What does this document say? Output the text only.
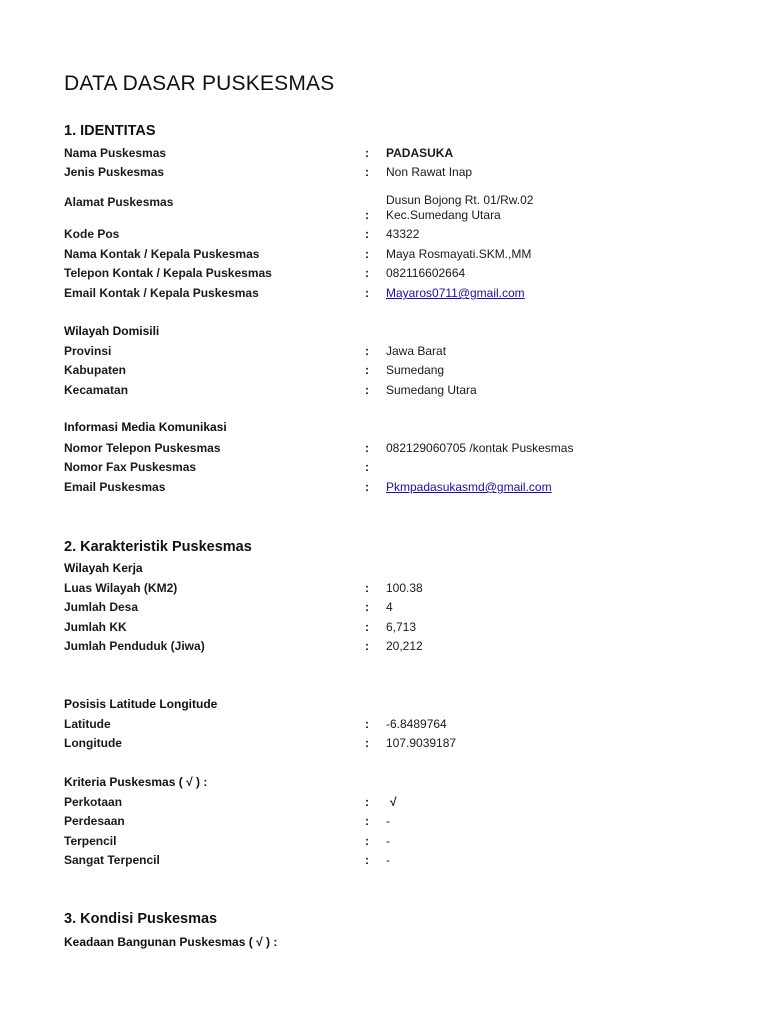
DATA DASAR PUSKESMAS
1. IDENTITAS
Nama Puskesmas	: PADASUKA
Jenis Puskesmas	: Non Rawat Inap
Alamat Puskesmas	Dusun Bojong Rt. 01/Rw.02
: Kec.Sumedang Utara
Kode Pos	: 43322
Nama Kontak / Kepala Puskesmas	: Maya Rosmayati.SKM.,MM
Telepon Kontak / Kepala Puskesmas	: 082116602664
Email Kontak / Kepala Puskesmas	: Mayaros0711@gmail.com
Wilayah Domisili
Provinsi	: Jawa Barat
Kabupaten	: Sumedang
Kecamatan	: Sumedang Utara
Informasi Media Komunikasi
Nomor Telepon Puskesmas	: 082129060705 /kontak Puskesmas
Nomor Fax Puskesmas	:
Email Puskesmas	: Pkmpadasukasmd@gmail.com
2. Karakteristik Puskesmas
Wilayah Kerja
Luas Wilayah (KM2)	: 100.38
Jumlah Desa	: 4
Jumlah KK	: 6,713
Jumlah Penduduk (Jiwa)	: 20,212
Posisis Latitude Longitude
Latitude	: -6.8489764
Longitude	: 107.9039187
Kriteria Puskesmas ( √ ) :
Perkotaan	: √
Perdesaan	: -
Terpencil	: -
Sangat Terpencil	: -
3. Kondisi Puskesmas
Keadaan Bangunan Puskesmas ( √ ) :
